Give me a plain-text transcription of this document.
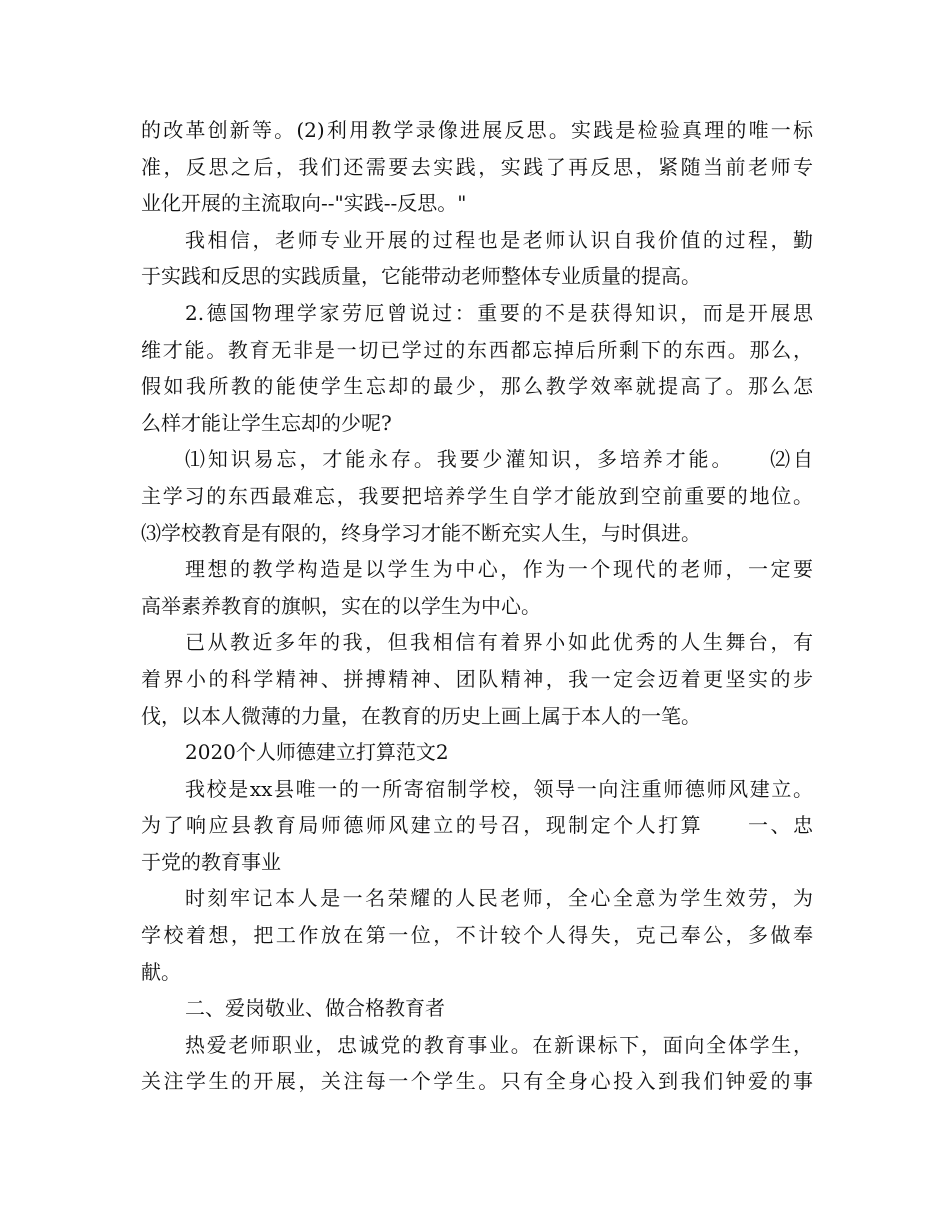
的改革创新等。(2)利用教学录像进展反思。实践是检验真理的唯一标
准，反思之后，我们还需要去实践，实践了再反思，紧随当前老师专
业化开展的主流取向--"实践--反思。"
我相信，老师专业开展的过程也是老师认识自我价值的过程，勤
于实践和反思的实践质量，它能带动老师整体专业质量的提高。
2.德国物理学家劳厄曾说过：重要的不是获得知识，而是开展思
维才能。教育无非是一切已学过的东西都忘掉后所剩下的东西。那么，
假如我所教的能使学生忘却的最少，那么教学效率就提高了。那么怎
么样才能让学生忘却的少呢?
⑴知识易忘，才能永存。我要少灌知识，多培养才能。　　⑵自
主学习的东西最难忘，我要把培养学生自学才能放到空前重要的地位。
⑶学校教育是有限的，终身学习才能不断充实人生，与时俱进。
理想的教学构造是以学生为中心，作为一个现代的老师，一定要
高举素养教育的旗帜，实在的以学生为中心。
已从教近多年的我，但我相信有着界小如此优秀的人生舞台，有
着界小的科学精神、拼搏精神、团队精神，我一定会迈着更坚实的步
伐，以本人微薄的力量，在教育的历史上画上属于本人的一笔。
2020个人师德建立打算范文2
我校是xx县唯一的一所寄宿制学校，领导一向注重师德师风建立。
为了响应县教育局师德师风建立的号召，现制定个人打算　　一、忠
于党的教育事业
时刻牢记本人是一名荣耀的人民老师，全心全意为学生效劳，为
学校着想，把工作放在第一位，不计较个人得失，克己奉公，多做奉
献。
二、爱岗敬业、做合格教育者
热爱老师职业，忠诚党的教育事业。在新课标下，面向全体学生，
关注学生的开展，关注每一个学生。只有全身心投入到我们钟爱的事
